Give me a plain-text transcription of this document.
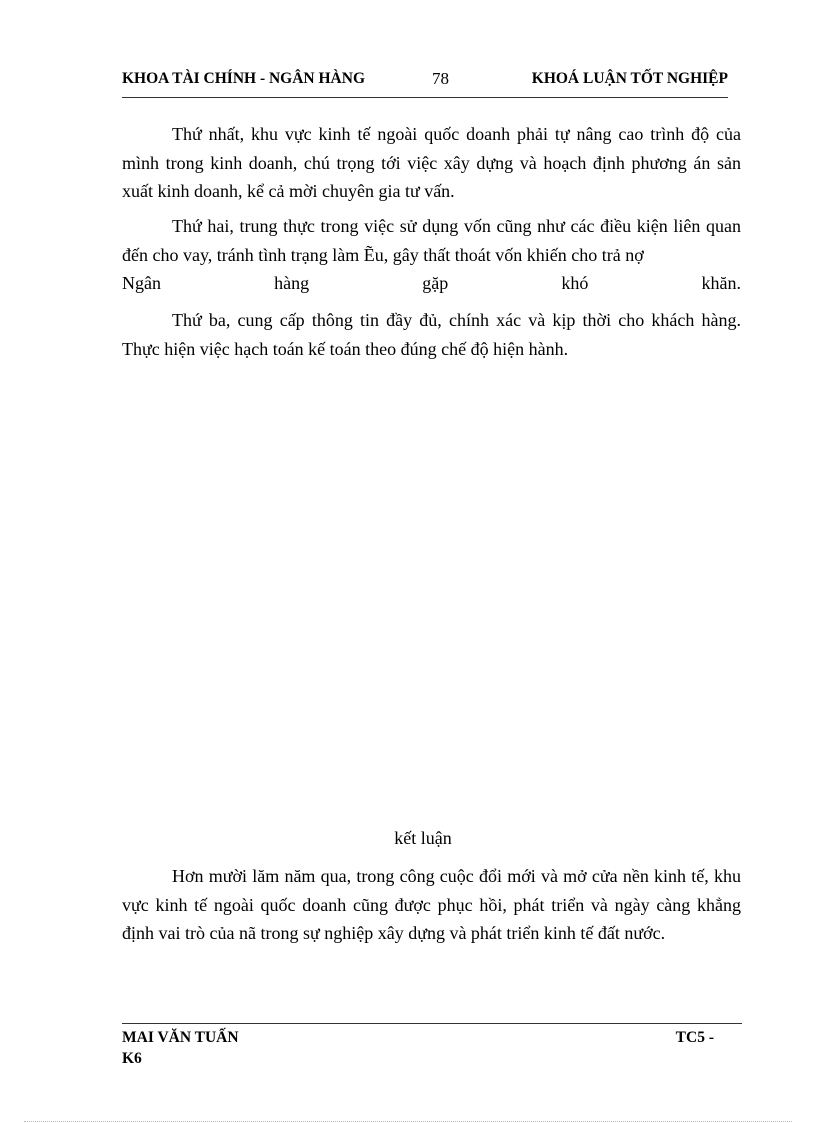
KHOA TÀI CHÍNH - NGÂN HÀNG	78	KHOÁ LUẬN TỐT NGHIỆP

Thứ nhất, khu vực kinh tế ngoài quốc doanh phải tự nâng cao trình độ của mình trong kinh doanh, chú trọng tới việc xây dựng và hoạch định phương án sản xuất kinh doanh, kể cả mời chuyên gia tư vấn.

Thứ hai, trung thực trong việc sử dụng vốn cũng như các điều kiện liên quan đến cho vay, tránh tình trạng làm Ẽu, gây thất thoát vốn khiến cho trả nợ

Ngân	hàng	gặp	khó	khăn.

Thứ ba, cung cấp thông tin đầy đủ, chính xác và kịp thời cho khách hàng. Thực hiện việc hạch toán kế toán theo đúng chế độ hiện hành.

kết luận

Hơn mười lăm năm qua, trong công cuộc đổi mới và mở cửa nền kinh tế, khu vực kinh tế ngoài quốc doanh cũng được phục hồi, phát triển và ngày càng khẳng định vai trò của nã trong sự nghiệp xây dựng và phát triển kinh tế đất nước.

MAI VĂN TUẤN	TC5 -
K6
